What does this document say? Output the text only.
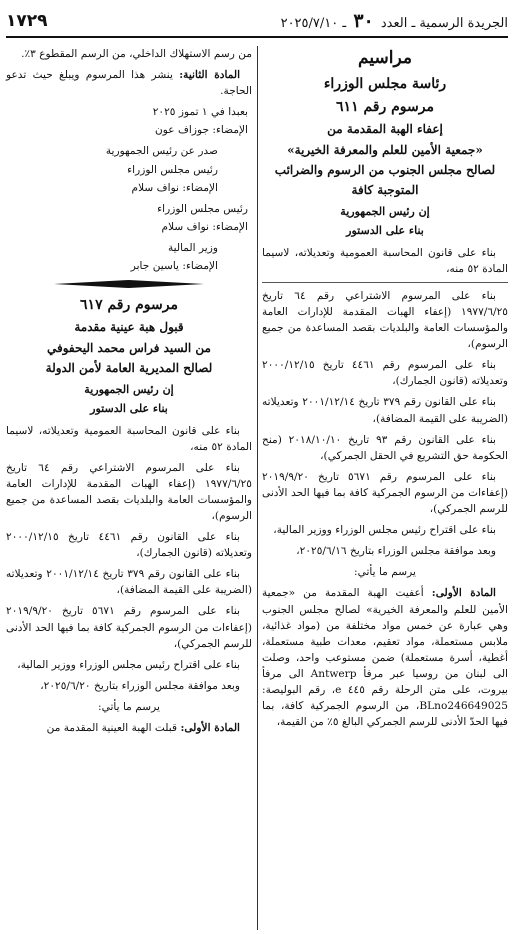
الجريدة الرسمية ـ العدد ٣٠ ـ ٢٠٢٥/٧/١٠
١٧٢٩

مراسيم

رئاسة مجلس الوزراء

مرسوم رقم ٦١١

إعفاء الهبة المقدمة من

«جمعية الأمين للعلم والمعرفة الخيرية»

لصالح مجلس الجنوب من الرسوم والضرائب

المتوجبة كافة

إن رئيس الجمهورية

بناء على الدستور

بناء على قانون المحاسبة العمومية وتعديلاته، لاسيما المادة ٥٢ منه،

بناء على المرسوم الاشتراعي رقم ٦٤ تاريخ ١٩٧٧/٦/٢٥ (إعفاء الهبات المقدمة للإدارات العامة والمؤسسات العامة والبلديات بقصد المساعدة من جميع الرسوم)،

بناء على المرسوم رقم ٤٤٦١ تاريخ ٢٠٠٠/١٢/١٥ وتعديلاته (قانون الجمارك)،

بناء على القانون رقم ٣٧٩ تاريخ ٢٠٠١/١٢/١٤ وتعديلاته (الضريبة على القيمة المضافة)،

بناء على القانون رقم ٩٣ تاريخ ٢٠١٨/١٠/١٠ (منح الحكومة حق التشريع في الحقل الجمركي)،

بناء على المرسوم رقم ٥٦٧١ تاريخ ٢٠١٩/٩/٢٠ (إعفاءات من الرسوم الجمركية كافة بما فيها الحد الأدنى للرسم الجمركي)،

بناء على اقتراح رئيس مجلس الوزراء ووزير المالية،

وبعد موافقة مجلس الوزراء بتاريخ ٢٠٢٥/٦/١٦،

يرسم ما يأتي:

المادة الأولى: أعفيت الهبة المقدمة من «جمعية الأمين للعلم والمعرفة الخيرية» لصالح مجلس الجنوب وهي عبارة عن خمس مواد مختلفة من (مواد غذائية، ملابس مستعملة، مواد تعقيم، معدات طبية مستعملة، أغطية، أسرة مستعملة) ضمن مستوعب واحد، وصلت الى لبنان من روسيا عبر مرفأ Antwerp الى مرفأ بيروت، على متن الرحلة رقم ٤٤٥ e، رقم البوليصة: BLno246649025، من الرسوم الجمركية كافة، بما فيها الحدّ الأدنى للرسم الجمركي البالغ ٥٪ من القيمة،

من رسم الاستهلاك الداخلي، من الرسم المقطوع ٣٪.

المادة الثانية: ينشر هذا المرسوم ويبلغ حيث تدعو الحاجة.

بعبدا في ١ تموز ٢٠٢٥

الإمضاء: جوزاف عون

صدر عن رئيس الجمهورية

رئيس مجلس الوزراء

الإمضاء: نواف سلام

رئيس مجلس الوزراء

الإمضاء: نواف سلام

وزير المالية

الإمضاء: ياسين جابر

مرسوم رقم ٦١٧

قبول هبة عينية مقدمة

من السيد فراس محمد اليحفوفي

لصالح المديرية العامة لأمن الدولة

إن رئيس الجمهورية

بناء على الدستور

بناء على قانون المحاسبة العمومية وتعديلاته، لاسيما المادة ٥٢ منه،

بناء على المرسوم الاشتراعي رقم ٦٤ تاريخ ١٩٧٧/٦/٢٥ (إعفاء الهبات المقدمة للإدارات العامة والمؤسسات العامة والبلديات بقصد المساعدة من جميع الرسوم)،

بناء على القانون رقم ٤٤٦١ تاريخ ٢٠٠٠/١٢/١٥ وتعديلاته (قانون الجمارك)،

بناء على القانون رقم ٣٧٩ تاريخ ٢٠٠١/١٢/١٤ وتعديلاته (الضريبة على القيمة المضافة)،

بناء على المرسوم رقم ٥٦٧١ تاريخ ٢٠١٩/٩/٢٠ (إعفاءات من الرسوم الجمركية كافة بما فيها الحد الأدنى للرسم الجمركي)،

بناء على اقتراح رئيس مجلس الوزراء ووزير المالية،

وبعد موافقة مجلس الوزراء بتاريخ ٢٠٢٥/٦/٢٠،

يرسم ما يأتي:

المادة الأولى: قبلت الهبة العينية المقدمة من
